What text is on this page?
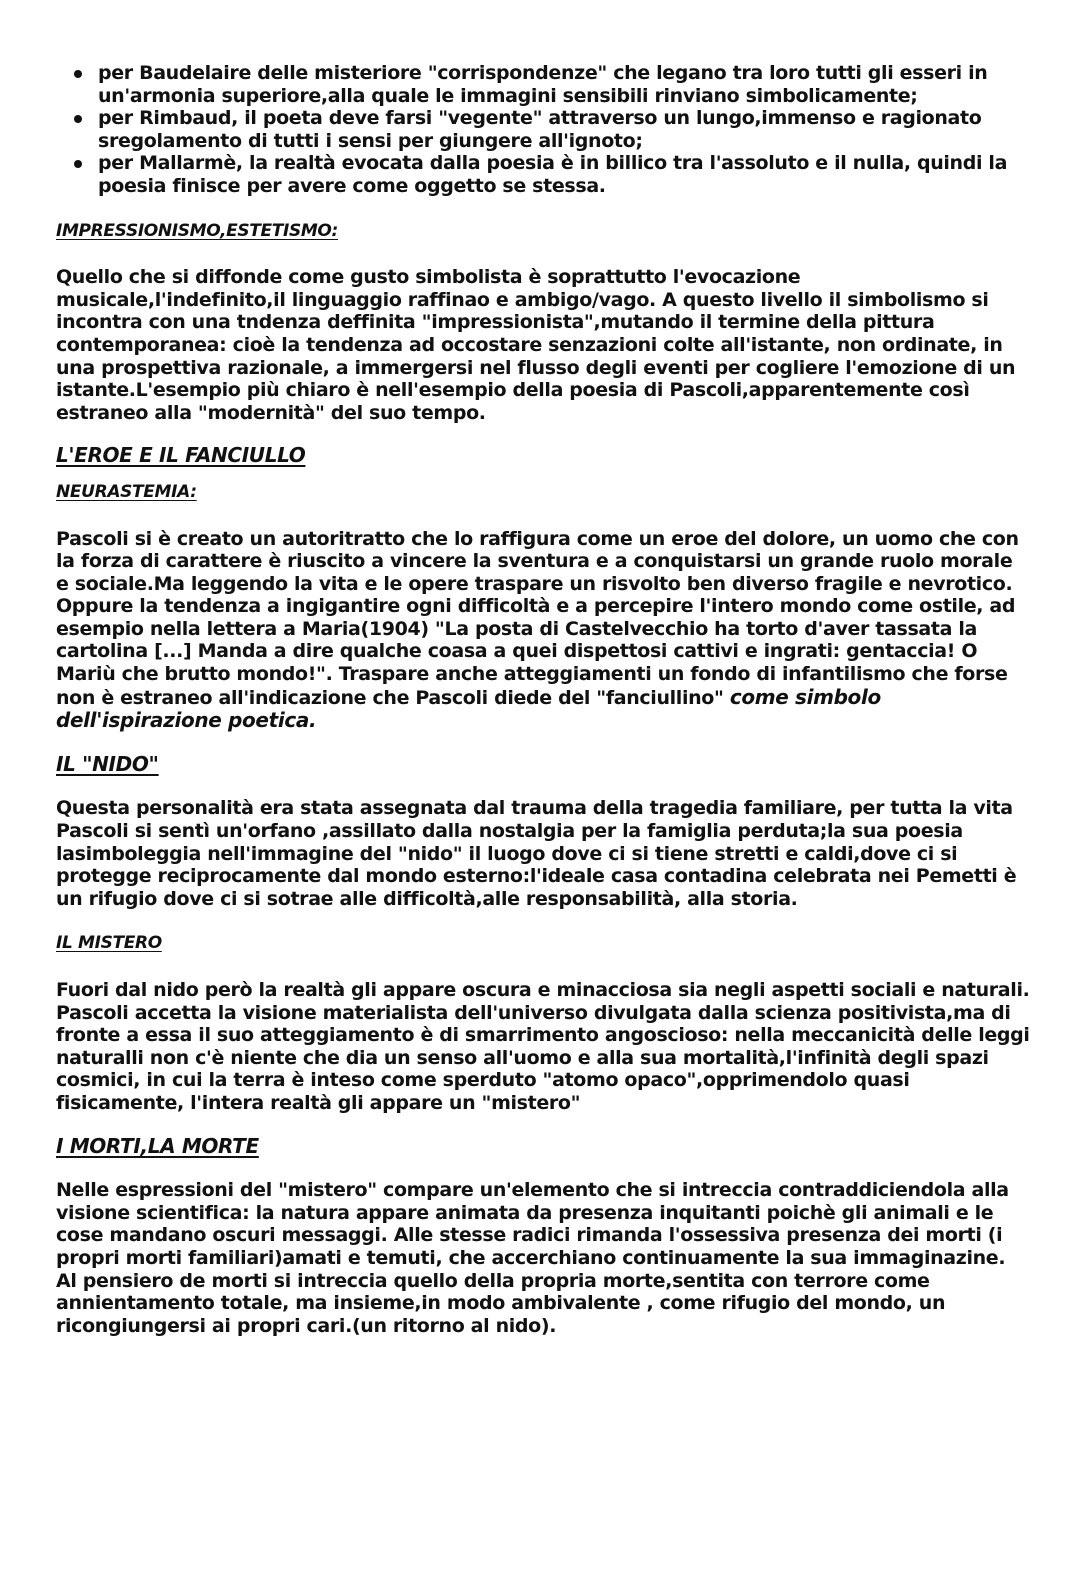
per Baudelaire delle misteriore "corrispondenze" che legano tra loro tutti gli esseri in un'armonia superiore,alla quale le immagini sensibili rinviano simbolicamente;
per Rimbaud, il poeta deve farsi "vegente" attraverso un lungo,immenso e ragionato sregolamento di tutti i sensi per giungere all'ignoto;
per Mallarmè, la realtà evocata dalla poesia è in billico tra l'assoluto e il nulla, quindi la poesia finisce per avere come oggetto se stessa.
IMPRESSIONISMO,ESTETISMO:

Quello che si diffonde come gusto simbolista è soprattutto l'evocazione musicale,l'indefinito,il linguaggio raffinao e ambigo/vago. A questo livello il simbolismo si incontra con una tndenza deffinita "impressionista",mutando il termine della pittura contemporanea: cioè la tendenza ad occostare senzazioni colte all'istante, non ordinate, in una prospettiva razionale, a immergersi nel flusso degli eventi per cogliere l'emozione di un istante.L'esempio più chiaro è nell'esempio della poesia di Pascoli,apparentemente così estraneo alla "modernità" del suo tempo.

L'EROE E IL FANCIULLO
NEURASTEMIA:

Pascoli si è creato un autoritratto che lo raffigura come un eroe del dolore, un uomo che con la forza di carattere è riuscito a vincere la sventura e a conquistarsi un grande ruolo morale e sociale.Ma leggendo la vita e le opere traspare un risvolto ben diverso fragile e nevrotico. Oppure la tendenza a ingigantire ogni difficoltà e a percepire l'intero mondo come ostile, ad esempio nella lettera a Maria(1904) "La posta di Castelvecchio ha torto d'aver tassata la cartolina [...] Manda a dire qualche coasa a quei dispettosi cattivi e ingrati: gentaccia! O Mariù che brutto mondo!". Traspare anche atteggiamenti un fondo di infantilismo che forse non è estraneo all'indicazione che Pascoli diede del "fanciullino" come simbolo dell'ispirazione poetica.

IL "NIDO"

Questa personalità era stata assegnata dal trauma della tragedia familiare, per tutta la vita Pascoli si sentì un'orfano ,assillato dalla nostalgia per la famiglia perduta;la sua poesia lasimboleggia nell'immagine del "nido" il luogo dove ci si tiene stretti e caldi,dove ci si protegge reciprocamente dal mondo esterno:l'ideale casa contadina celebrata nei Pemetti è un rifugio dove ci si sotrae alle difficoltà,alle responsabilità, alla storia.

IL MISTERO

Fuori dal nido però la realtà gli appare oscura e minacciosa sia negli aspetti sociali e naturali. Pascoli accetta la visione materialista dell'universo divulgata dalla scienza positivista,ma di fronte a essa il suo atteggiamento è di smarrimento angoscioso: nella meccanicità delle leggi naturalli non c'è niente che dia un senso all'uomo e alla sua mortalità,l'infinità degli spazi cosmici, in cui la terra è inteso come sperduto "atomo opaco",opprimendolo quasi fisicamente, l'intera realtà gli appare un "mistero"

I MORTI,LA MORTE

Nelle espressioni del "mistero" compare un'elemento che si intreccia contraddiciendola alla visione scientifica: la natura appare animata da presenza inquitanti poichè gli animali e le cose mandano oscuri messaggi. Alle stesse radici rimanda l'ossessiva presenza dei morti (i propri morti familiari)amati e temuti, che accerchiano continuamente la sua immaginazine. Al pensiero de morti si intreccia quello della propria morte,sentita con terrore come annientamento totale, ma insieme,in modo ambivalente , come rifugio del mondo, un ricongiungersi ai propri cari.(un ritorno al nido).
